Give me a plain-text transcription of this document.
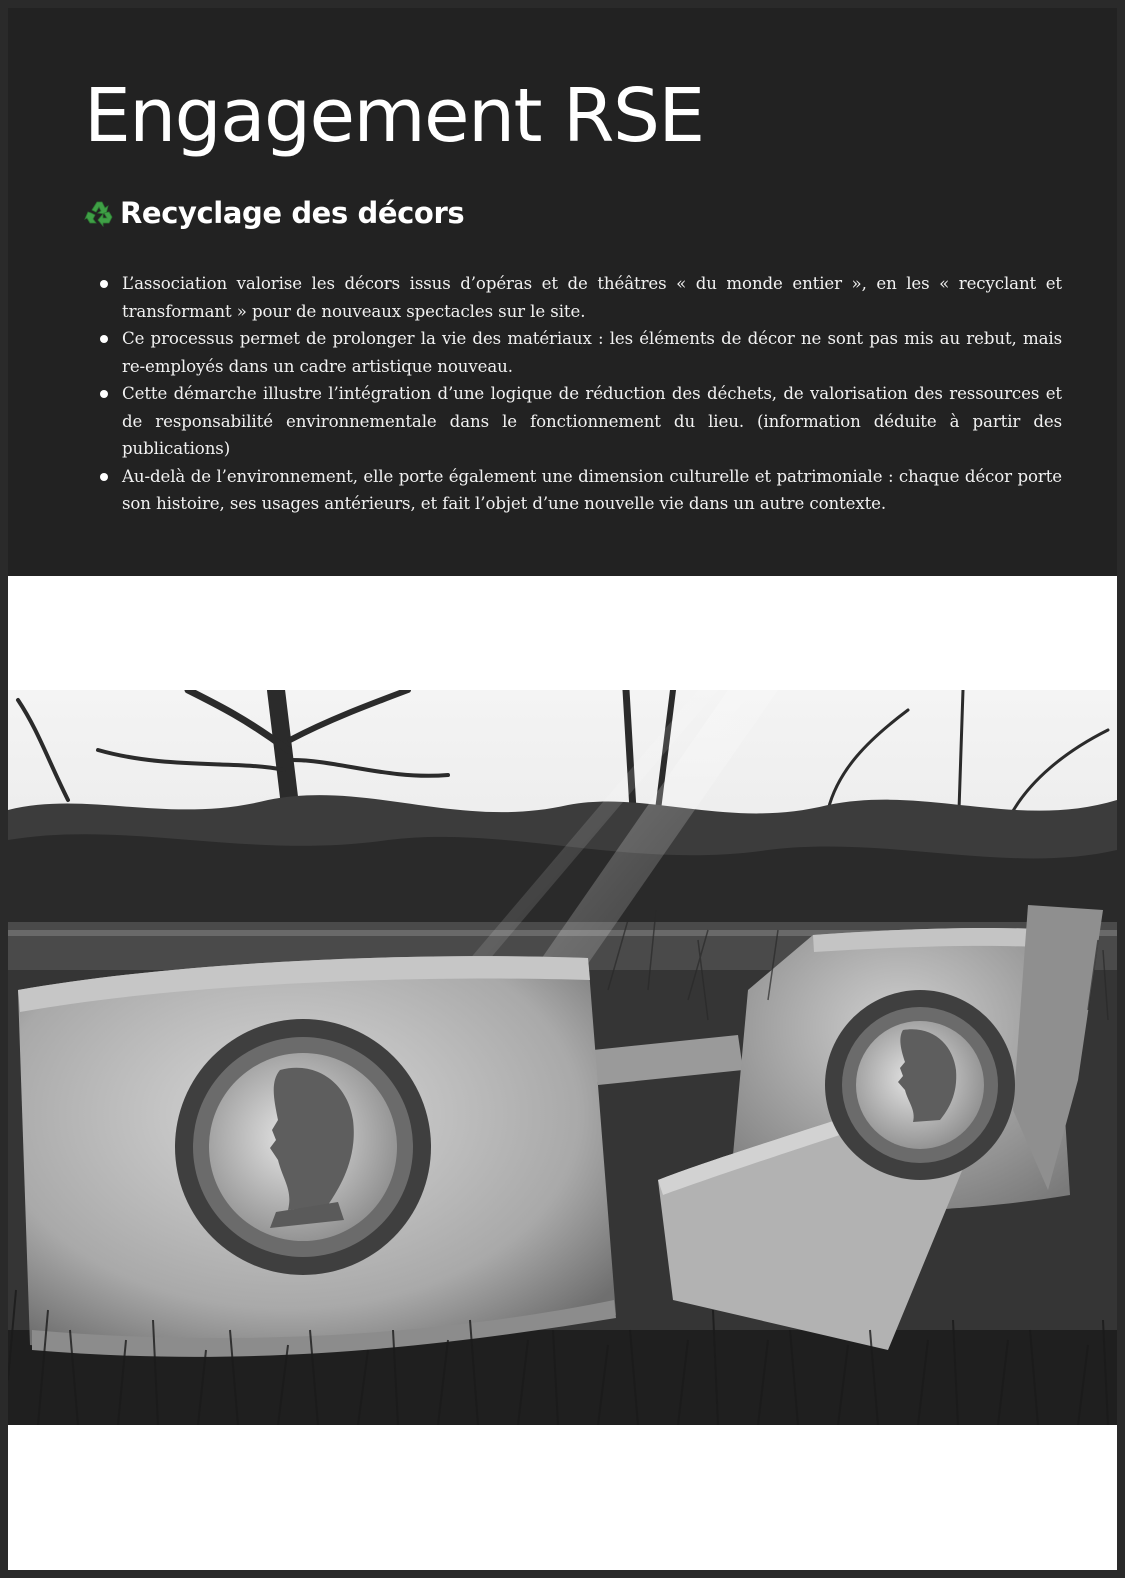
Engagement RSE
Recyclage des décors
L’association valorise les décors issus d’opéras et de théâtres « du monde entier », en les « recyclant et transformant » pour de nouveaux spectacles sur le site.
Ce processus permet de prolonger la vie des matériaux : les éléments de décor ne sont pas mis au rebut, mais re-employés dans un cadre artistique nouveau.
Cette démarche illustre l’intégration d’une logique de réduction des déchets, de valorisation des ressources et de responsabilité environnementale dans le fonctionnement du lieu. (information déduite à partir des publications)
Au-delà de l’environnement, elle porte également une dimension culturelle et patrimoniale : chaque décor porte son histoire, ses usages antérieurs, et fait l’objet d’une nouvelle vie dans un autre contexte.
